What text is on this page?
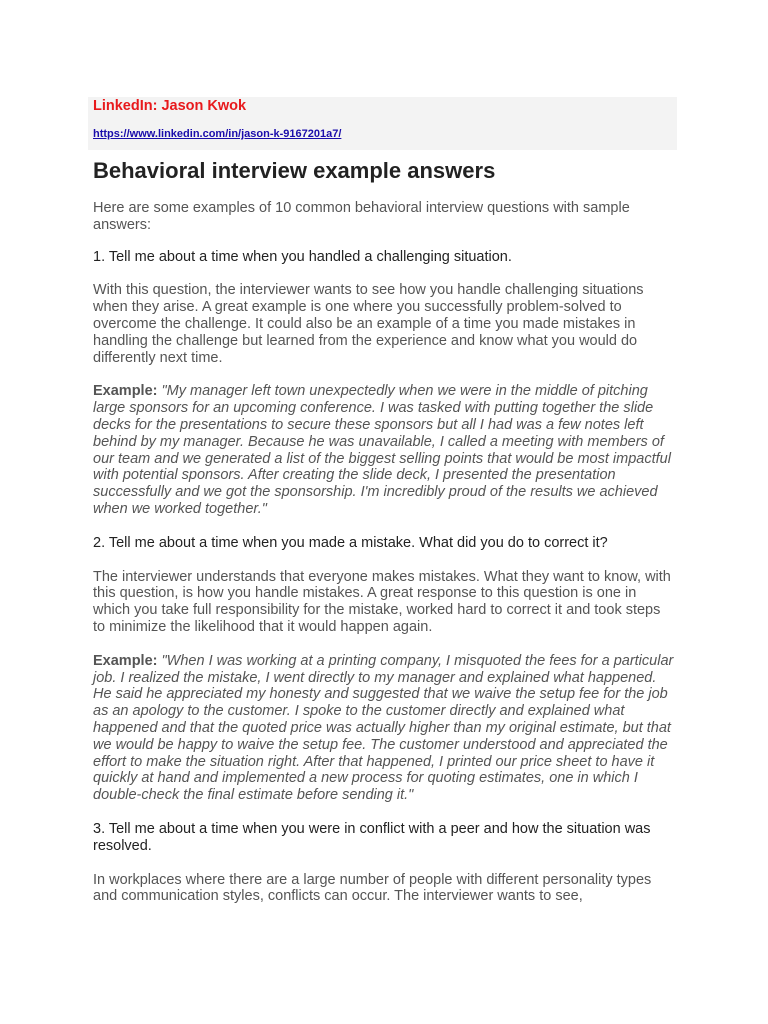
LinkedIn: Jason Kwok
https://www.linkedin.com/in/jason-k-9167201a7/
Behavioral interview example answers

Here are some examples of 10 common behavioral interview questions with sample answers:

1. Tell me about a time when you handled a challenging situation.

With this question, the interviewer wants to see how you handle challenging situations when they arise. A great example is one where you successfully problem-solved to overcome the challenge. It could also be an example of a time you made mistakes in handling the challenge but learned from the experience and know what you would do differently next time.

Example: "My manager left town unexpectedly when we were in the middle of pitching large sponsors for an upcoming conference. I was tasked with putting together the slide decks for the presentations to secure these sponsors but all I had was a few notes left behind by my manager. Because he was unavailable, I called a meeting with members of our team and we generated a list of the biggest selling points that would be most impactful with potential sponsors. After creating the slide deck, I presented the presentation successfully and we got the sponsorship. I'm incredibly proud of the results we achieved when we worked together."

2. Tell me about a time when you made a mistake. What did you do to correct it?

The interviewer understands that everyone makes mistakes. What they want to know, with this question, is how you handle mistakes. A great response to this question is one in which you take full responsibility for the mistake, worked hard to correct it and took steps to minimize the likelihood that it would happen again.

Example: "When I was working at a printing company, I misquoted the fees for a particular job. I realized the mistake, I went directly to my manager and explained what happened. He said he appreciated my honesty and suggested that we waive the setup fee for the job as an apology to the customer. I spoke to the customer directly and explained what happened and that the quoted price was actually higher than my original estimate, but that we would be happy to waive the setup fee. The customer understood and appreciated the effort to make the situation right. After that happened, I printed our price sheet to have it quickly at hand and implemented a new process for quoting estimates, one in which I double-check the final estimate before sending it."

3. Tell me about a time when you were in conflict with a peer and how the situation was resolved.

In workplaces where there are a large number of people with different personality types and communication styles, conflicts can occur. The interviewer wants to see,
